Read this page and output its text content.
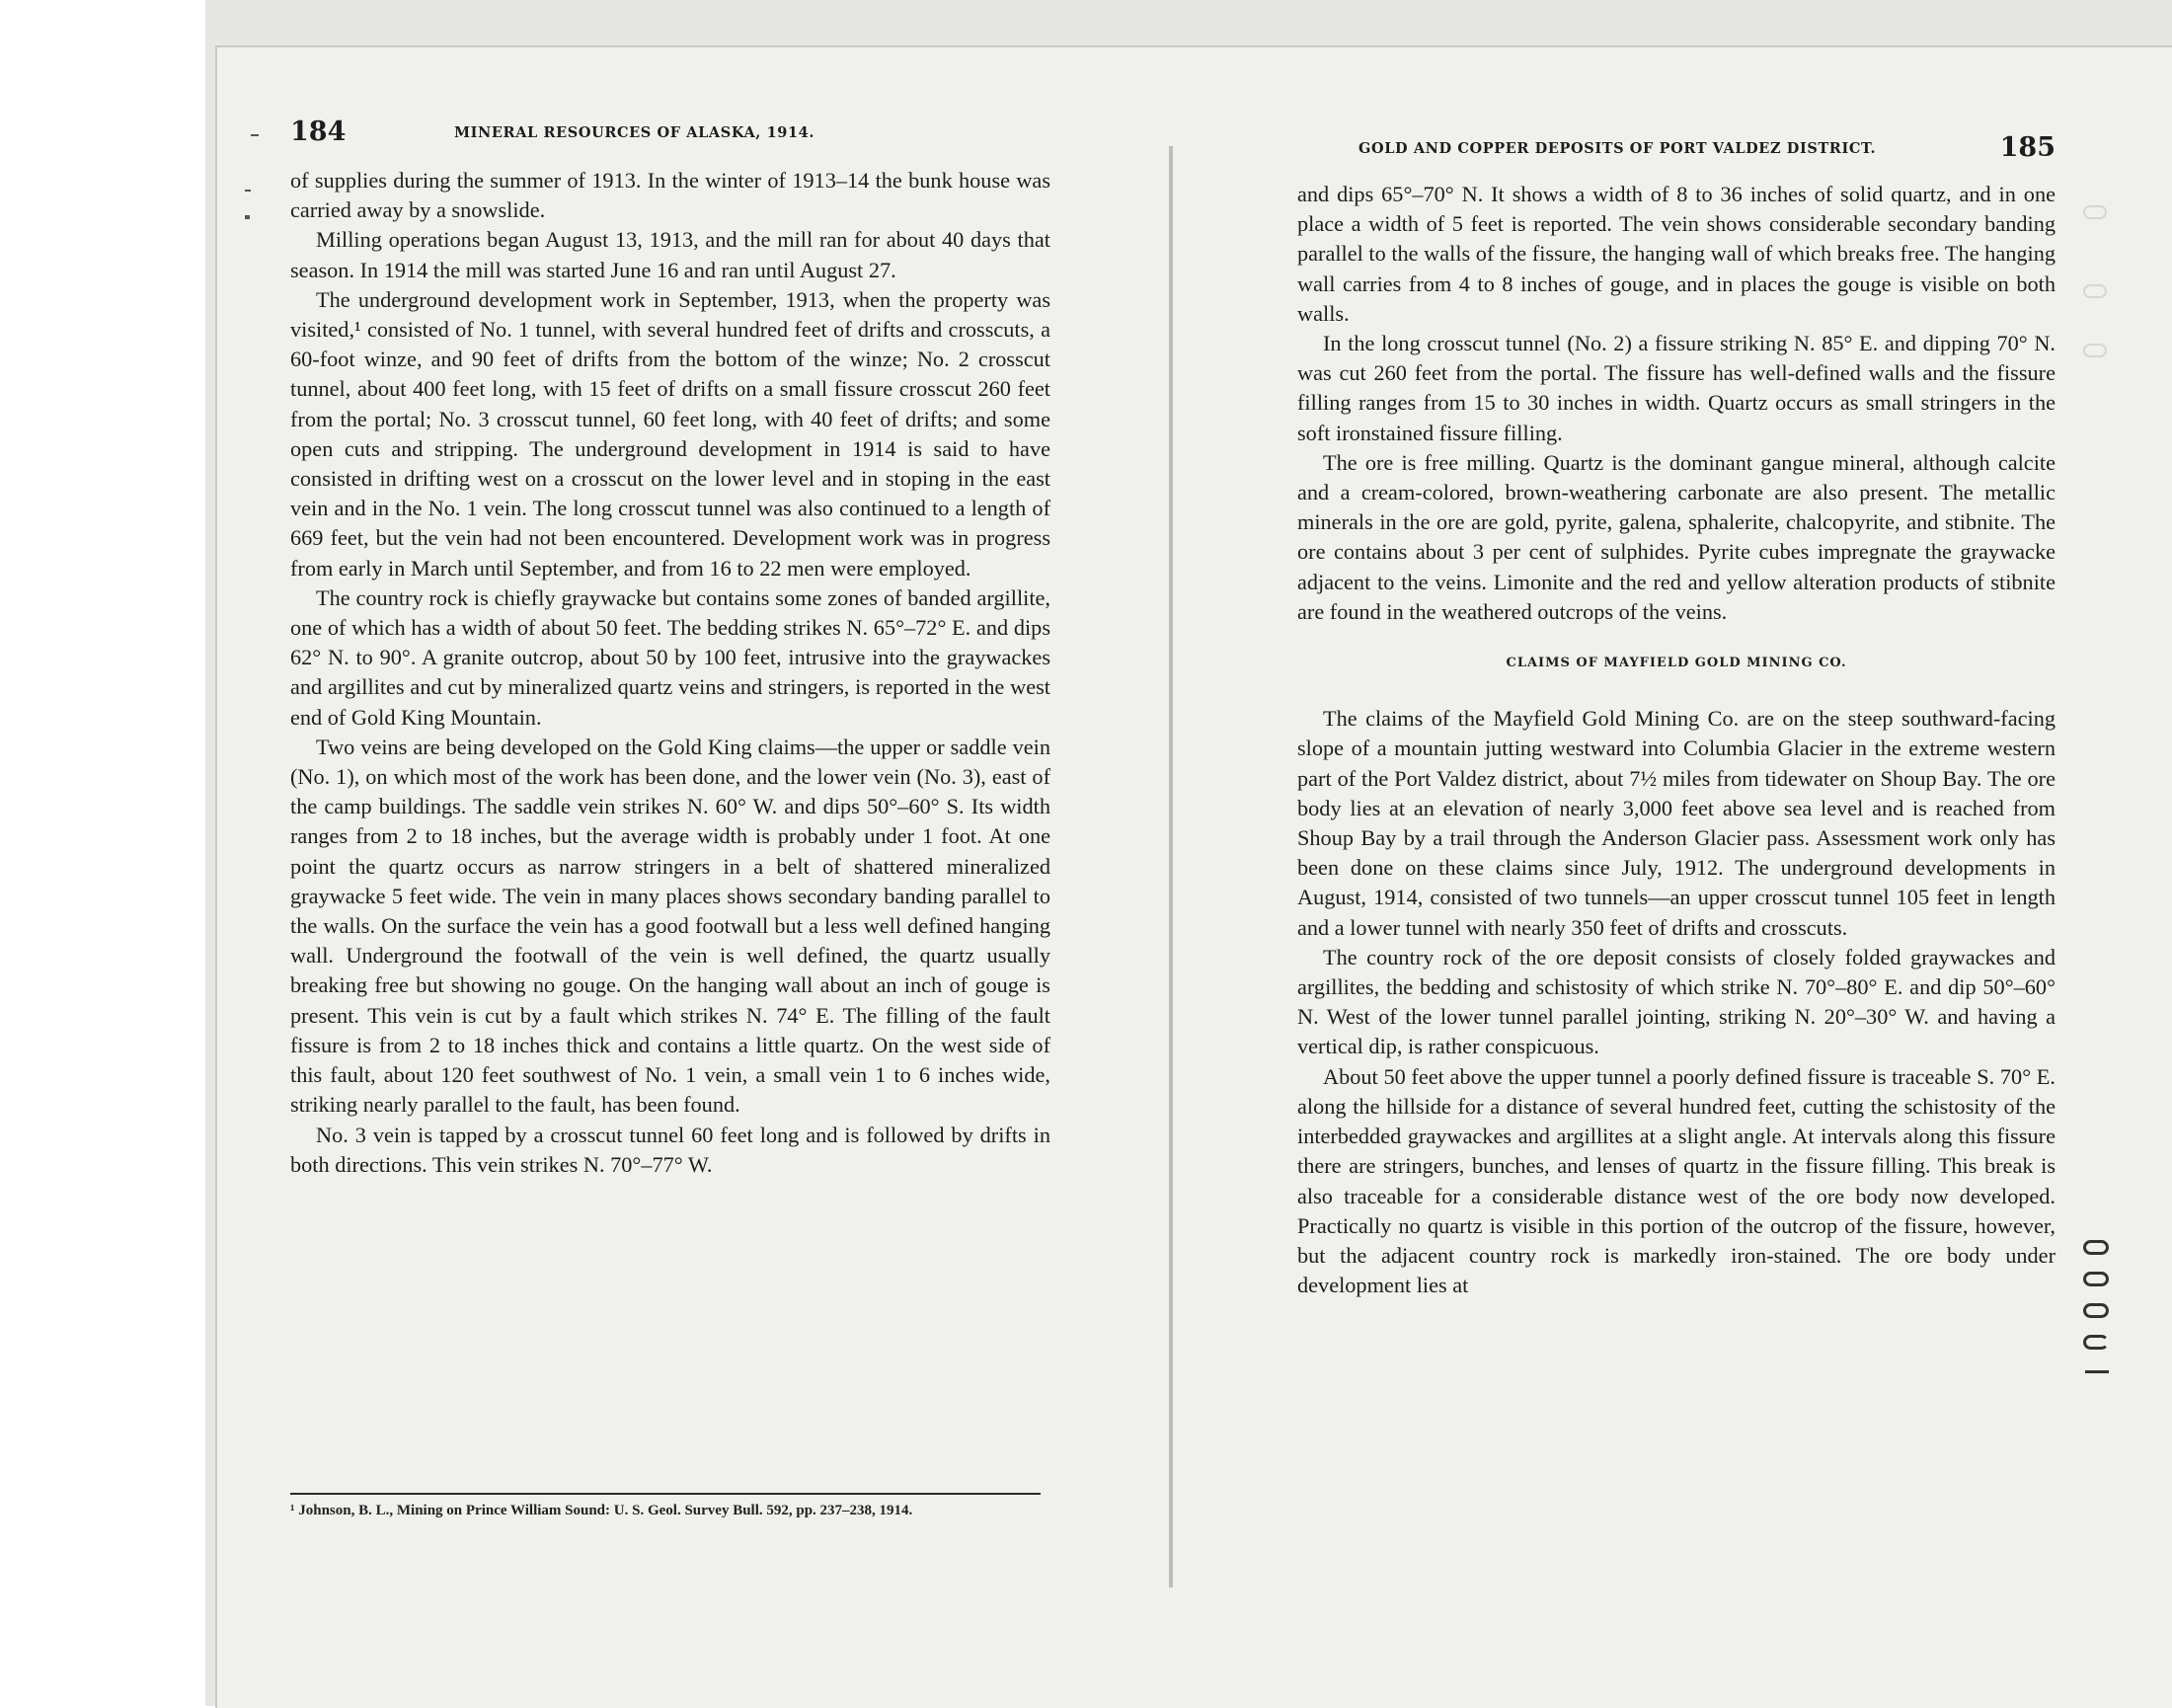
184	MINERAL RESOURCES OF ALASKA, 1914.

of supplies during the summer of 1913. In the winter of 1913–14 the bunk house was carried away by a snowslide.

Milling operations began August 13, 1913, and the mill ran for about 40 days that season. In 1914 the mill was started June 16 and ran until August 27.

The underground development work in September, 1913, when the property was visited,¹ consisted of No. 1 tunnel, with several hundred feet of drifts and crosscuts, a 60-foot winze, and 90 feet of drifts from the bottom of the winze; No. 2 crosscut tunnel, about 400 feet long, with 15 feet of drifts on a small fissure crosscut 260 feet from the portal; No. 3 crosscut tunnel, 60 feet long, with 40 feet of drifts; and some open cuts and stripping. The underground development in 1914 is said to have consisted in drifting west on a crosscut on the lower level and in stoping in the east vein and in the No. 1 vein. The long crosscut tunnel was also continued to a length of 669 feet, but the vein had not been encountered. Development work was in progress from early in March until September, and from 16 to 22 men were employed.

The country rock is chiefly graywacke but contains some zones of banded argillite, one of which has a width of about 50 feet. The bedding strikes N. 65°–72° E. and dips 62° N. to 90°. A granite outcrop, about 50 by 100 feet, intrusive into the graywackes and argillites and cut by mineralized quartz veins and stringers, is reported in the west end of Gold King Mountain.

Two veins are being developed on the Gold King claims—the upper or saddle vein (No. 1), on which most of the work has been done, and the lower vein (No. 3), east of the camp buildings. The saddle vein strikes N. 60° W. and dips 50°–60° S. Its width ranges from 2 to 18 inches, but the average width is probably under 1 foot. At one point the quartz occurs as narrow stringers in a belt of shattered mineralized graywacke 5 feet wide. The vein in many places shows secondary banding parallel to the walls. On the surface the vein has a good footwall but a less well defined hanging wall. Underground the footwall of the vein is well defined, the quartz usually breaking free but showing no gouge. On the hanging wall about an inch of gouge is present. This vein is cut by a fault which strikes N. 74° E. The filling of the fault fissure is from 2 to 18 inches thick and contains a little quartz. On the west side of this fault, about 120 feet southwest of No. 1 vein, a small vein 1 to 6 inches wide, striking nearly parallel to the fault, has been found.

No. 3 vein is tapped by a crosscut tunnel 60 feet long and is followed by drifts in both directions. This vein strikes N. 70°–77° W.

¹ Johnson, B. L., Mining on Prince William Sound: U. S. Geol. Survey Bull. 592, pp. 237–238, 1914.
GOLD AND COPPER DEPOSITS OF PORT VALDEZ DISTRICT.	185

and dips 65°–70° N. It shows a width of 8 to 36 inches of solid quartz, and in one place a width of 5 feet is reported. The vein shows considerable secondary banding parallel to the walls of the fissure, the hanging wall of which breaks free. The hanging wall carries from 4 to 8 inches of gouge, and in places the gouge is visible on both walls.

In the long crosscut tunnel (No. 2) a fissure striking N. 85° E. and dipping 70° N. was cut 260 feet from the portal. The fissure has well-defined walls and the fissure filling ranges from 15 to 30 inches in width. Quartz occurs as small stringers in the soft ironstained fissure filling.

The ore is free milling. Quartz is the dominant gangue mineral, although calcite and a cream-colored, brown-weathering carbonate are also present. The metallic minerals in the ore are gold, pyrite, galena, sphalerite, chalcopyrite, and stibnite. The ore contains about 3 per cent of sulphides. Pyrite cubes impregnate the graywacke adjacent to the veins. Limonite and the red and yellow alteration products of stibnite are found in the weathered outcrops of the veins.

CLAIMS OF MAYFIELD GOLD MINING CO.

The claims of the Mayfield Gold Mining Co. are on the steep southward-facing slope of a mountain jutting westward into Columbia Glacier in the extreme western part of the Port Valdez district, about 7½ miles from tidewater on Shoup Bay. The ore body lies at an elevation of nearly 3,000 feet above sea level and is reached from Shoup Bay by a trail through the Anderson Glacier pass. Assessment work only has been done on these claims since July, 1912. The underground developments in August, 1914, consisted of two tunnels—an upper crosscut tunnel 105 feet in length and a lower tunnel with nearly 350 feet of drifts and crosscuts.

The country rock of the ore deposit consists of closely folded graywackes and argillites, the bedding and schistosity of which strike N. 70°–80° E. and dip 50°–60° N. West of the lower tunnel parallel jointing, striking N. 20°–30° W. and having a vertical dip, is rather conspicuous.

About 50 feet above the upper tunnel a poorly defined fissure is traceable S. 70° E. along the hillside for a distance of several hundred feet, cutting the schistosity of the interbedded graywackes and argillites at a slight angle. At intervals along this fissure there are stringers, bunches, and lenses of quartz in the fissure filling. This break is also traceable for a considerable distance west of the ore body now developed. Practically no quartz is visible in this portion of the outcrop of the fissure, however, but the adjacent country rock is markedly iron-stained. The ore body under development lies at
